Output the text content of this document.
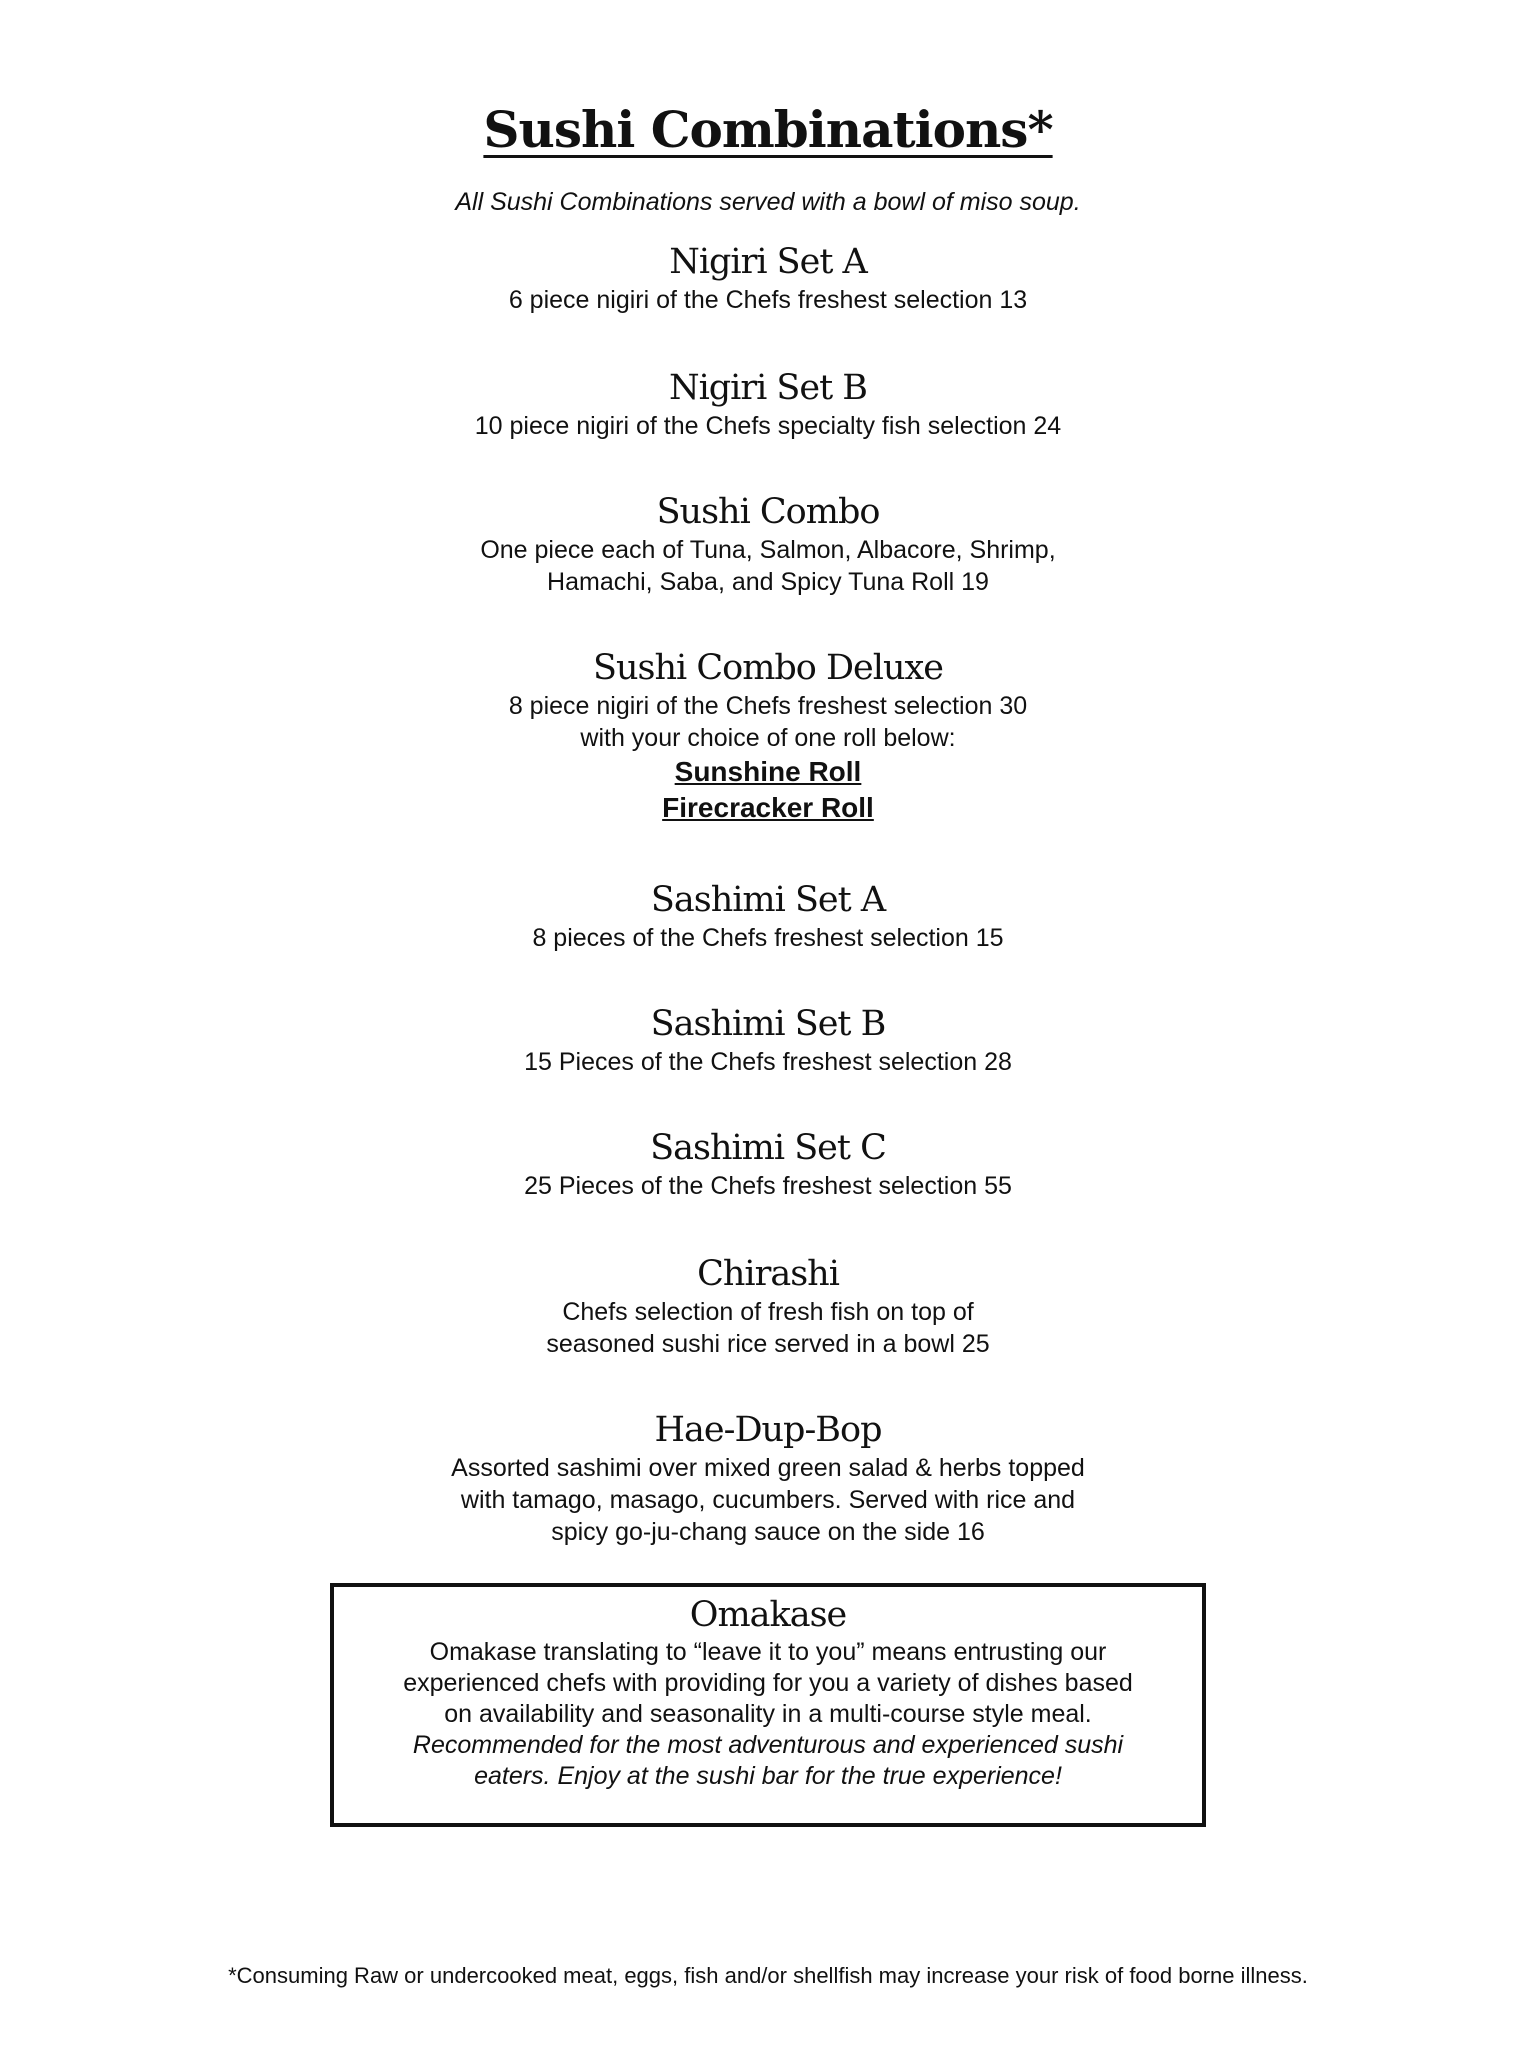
Sushi Combinations*

All Sushi Combinations served with a bowl of miso soup.

Nigiri Set A

6 piece nigiri of the Chefs freshest selection 13

Nigiri Set B

10 piece nigiri of the Chefs specialty fish selection 24

Sushi Combo

One piece each of Tuna, Salmon, Albacore, Shrimp,

Hamachi, Saba, and Spicy Tuna Roll 19

Sushi Combo Deluxe

8 piece nigiri of the Chefs freshest selection 30

with your choice of one roll below:

Sunshine Roll

Firecracker Roll

Sashimi Set A

8 pieces of the Chefs freshest selection 15

Sashimi Set B

15 Pieces of the Chefs freshest selection 28

Sashimi Set C

25 Pieces of the Chefs freshest selection 55

Chirashi

Chefs selection of fresh fish on top of

seasoned sushi rice served in a bowl 25

Hae-Dup-Bop

Assorted sashimi over mixed green salad & herbs topped

with tamago, masago, cucumbers. Served with rice and

spicy go-ju-chang sauce on the side 16

Omakase

Omakase translating to “leave it to you” means entrusting our

experienced chefs with providing for you a variety of dishes based

on availability and seasonality in a multi-course style meal.

Recommended for the most adventurous and experienced sushi

eaters. Enjoy at the sushi bar for the true experience!

*Consuming Raw or undercooked meat, eggs, fish and/or shellfish may increase your risk of food borne illness.
